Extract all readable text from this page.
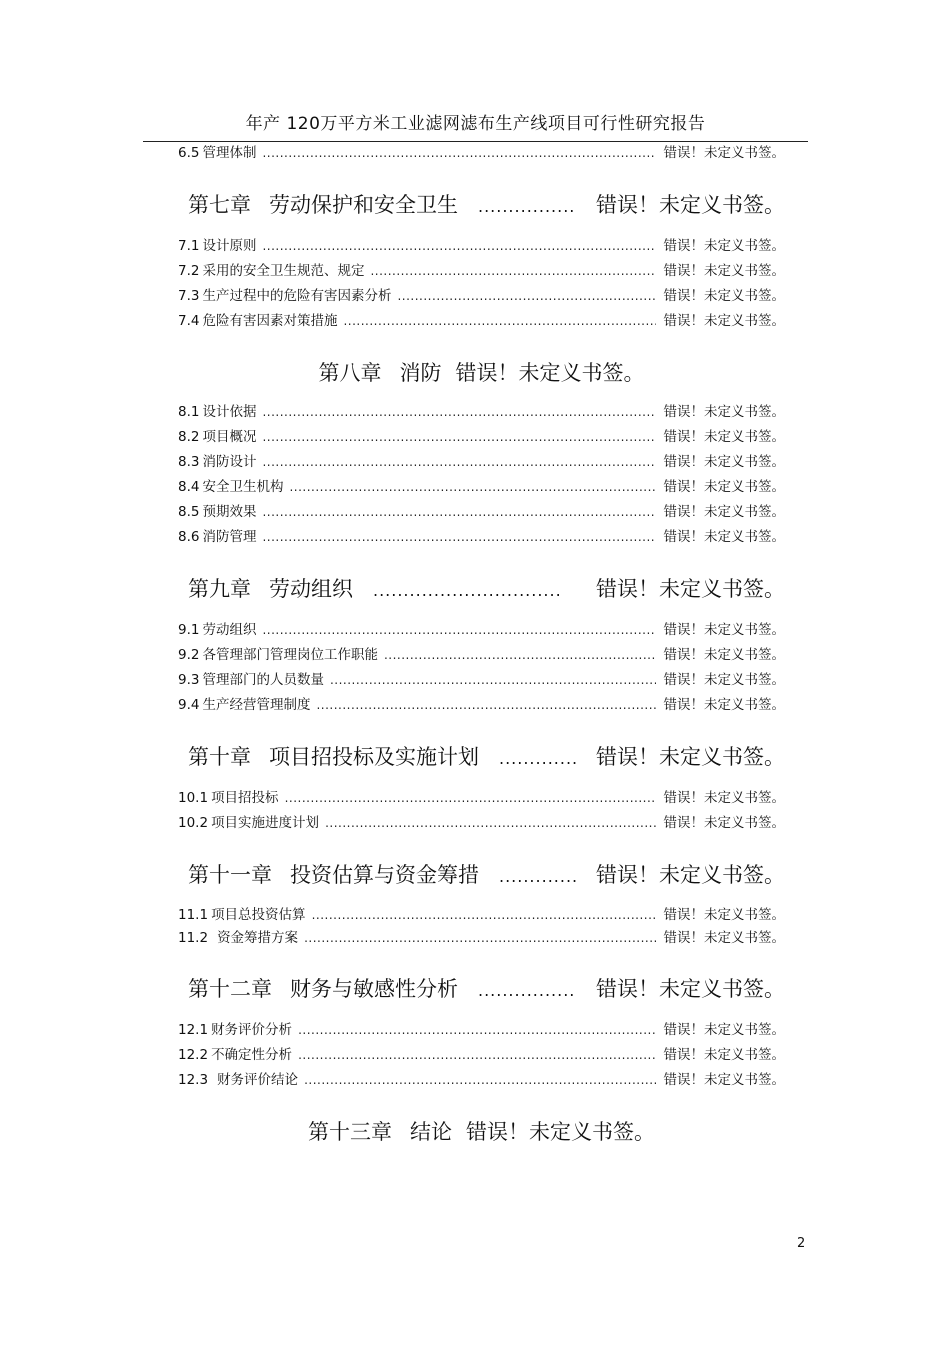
年产 120万平方米工业滤网滤布生产线项目可行性研究报告
6.5 管理体制 .....	错误！未定义书签。
第七章 劳动保护和安全卫生 ................ 错误！未定义书签。
7.1 设计原则 .....	错误！未定义书签。
7.2 采用的安全卫生规范、规定 .....	错误！未定义书签。
7.3 生产过程中的危险有害因素分析 .....	错误！未定义书签。
7.4 危险有害因素对策措施 .....	错误！未定义书签。
第八章 消防 错误！未定义书签。
8.1 设计依据 .....	错误！未定义书签。
8.2 项目概况 .....	错误！未定义书签。
8.3 消防设计 .....	错误！未定义书签。
8.4 安全卫生机构 .....	错误！未定义书签。
8.5 预期效果 .....	错误！未定义书签。
8.6 消防管理 .....	错误！未定义书签。
第九章 劳动组织 ............................... 错误！未定义书签。
9.1 劳动组织 .....	错误！未定义书签。
9.2 各管理部门管理岗位工作职能 .....	错误！未定义书签。
9.3 管理部门的人员数量 .....	错误！未定义书签。
9.4 生产经营管理制度 .....	错误！未定义书签。
第十章 项目招投标及实施计划 ............. 错误！未定义书签。
10.1 项目招投标 .....	错误！未定义书签。
10.2 项目实施进度计划 .....	错误！未定义书签。
第十一章 投资估算与资金筹措 ............. 错误！未定义书签。
11.1 项目总投资估算 .....	错误！未定义书签。
11.2 资金筹措方案 .....	错误！未定义书签。
第十二章 财务与敏感性分析 ................ 错误！未定义书签。
12.1 财务评价分析 .....	错误！未定义书签。
12.2 不确定性分析 .....	错误！未定义书签。
12.3 财务评价结论 .....	错误！未定义书签。
第十三章 结论 错误！未定义书签。
2
